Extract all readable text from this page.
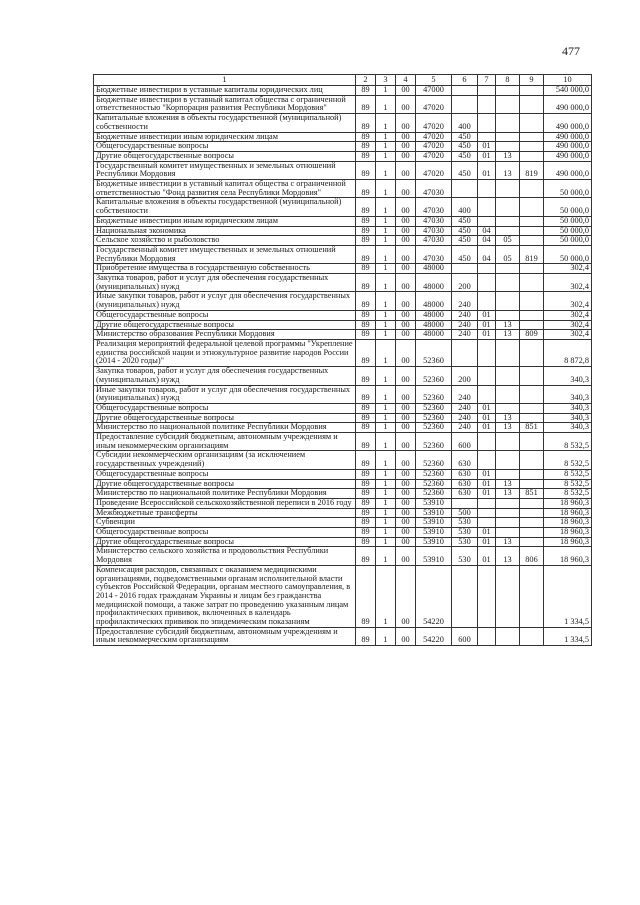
477
1	2	3	4	5	6	7	8	9	10
Бюджетные инвестиции в уставные капиталы юридических лиц	89	1	00	47000					540 000,0
Бюджетные инвестиции в уставный капитал общества с ограниченной ответственностью "Корпорация развития Республики Мордовия"	89	1	00	47020					490 000,0
Капитальные вложения в объекты государственной (муниципальной) собственности	89	1	00	47020	400				490 000,0
Бюджетные инвестиции иным юридическим лицам	89	1	00	47020	450				490 000,0
Общегосударственные вопросы	89	1	00	47020	450	01			490 000,0
Другие общегосударственные вопросы	89	1	00	47020	450	01	13		490 000,0
Государственный комитет имущественных и земельных отношений Республики Мордовия	89	1	00	47020	450	01	13	819	490 000,0
Бюджетные инвестиции в уставный капитал общества с ограниченной ответственностью "Фонд развития села Республики Мордовия"	89	1	00	47030					50 000,0
Капитальные вложения в объекты государственной (муниципальной) собственности	89	1	00	47030	400				50 000,0
Бюджетные инвестиции иным юридическим лицам	89	1	00	47030	450				50 000,0
Национальная экономика	89	1	00	47030	450	04			50 000,0
Сельское хозяйство и рыболовство	89	1	00	47030	450	04	05		50 000,0
Государственный комитет имущественных и земельных отношений Республики Мордовия	89	1	00	47030	450	04	05	819	50 000,0
Приобретение имущества в государственную собственность	89	1	00	48000					302,4
Закупка товаров, работ и услуг для обеспечения государственных (муниципальных) нужд	89	1	00	48000	200				302,4
Иные закупки товаров, работ и услуг для обеспечения государственных (муниципальных) нужд	89	1	00	48000	240				302,4
Общегосударственные вопросы	89	1	00	48000	240	01			302,4
Другие общегосударственные вопросы	89	1	00	48000	240	01	13		302,4
Министерство образования Республики Мордовия	89	1	00	48000	240	01	13	809	302,4
Реализация мероприятий федеральной целевой программы "Укрепление единства российской нации и этнокультурное развитие народов России (2014 - 2020 годы)"	89	1	00	52360					8 872,8
Закупка товаров, работ и услуг для обеспечения государственных (муниципальных) нужд	89	1	00	52360	200				340,3
Иные закупки товаров, работ и услуг для обеспечения государственных (муниципальных) нужд	89	1	00	52360	240				340,3
Общегосударственные вопросы	89	1	00	52360	240	01			340,3
Другие общегосударственные вопросы	89	1	00	52360	240	01	13		340,3
Министерство по национальной политике Республики Мордовия	89	1	00	52360	240	01	13	851	340,3
Предоставление субсидий бюджетным, автономным учреждениям и иным некоммерческим организациям	89	1	00	52360	600				8 532,5
Субсидии некоммерческим организациям (за исключением государственных учреждений)	89	1	00	52360	630				8 532,5
Общегосударственные вопросы	89	1	00	52360	630	01			8 532,5
Другие общегосударственные вопросы	89	1	00	52360	630	01	13		8 532,5
Министерство по национальной политике Республики Мордовия	89	1	00	52360	630	01	13	851	8 532,5
Проведение Всероссийской сельскохозяйственной переписи в 2016 году	89	1	00	53910					18 960,3
Межбюджетные трансферты	89	1	00	53910	500				18 960,3
Субвенции	89	1	00	53910	530				18 960,3
Общегосударственные вопросы	89	1	00	53910	530	01			18 960,3
Другие общегосударственные вопросы	89	1	00	53910	530	01	13		18 960,3
Министерство сельского хозяйства и продовольствия Республики Мордовия	89	1	00	53910	530	01	13	806	18 960,3
Компенсация расходов, связанных с оказанием медицинскими организациями, подведомственными органам исполнительной власти субъектов Российской Федерации, органам местного самоуправления, в 2014 - 2016 годах гражданам Украины и лицам без гражданства медицинской помощи, а также затрат по проведению указанным лицам профилактических прививок, включенных в календарь профилактических прививок по эпидемическим показаниям	89	1	00	54220					1 334,5
Предоставление субсидий бюджетным, автономным учреждениям и иным некоммерческим организациям	89	1	00	54220	600				1 334,5
